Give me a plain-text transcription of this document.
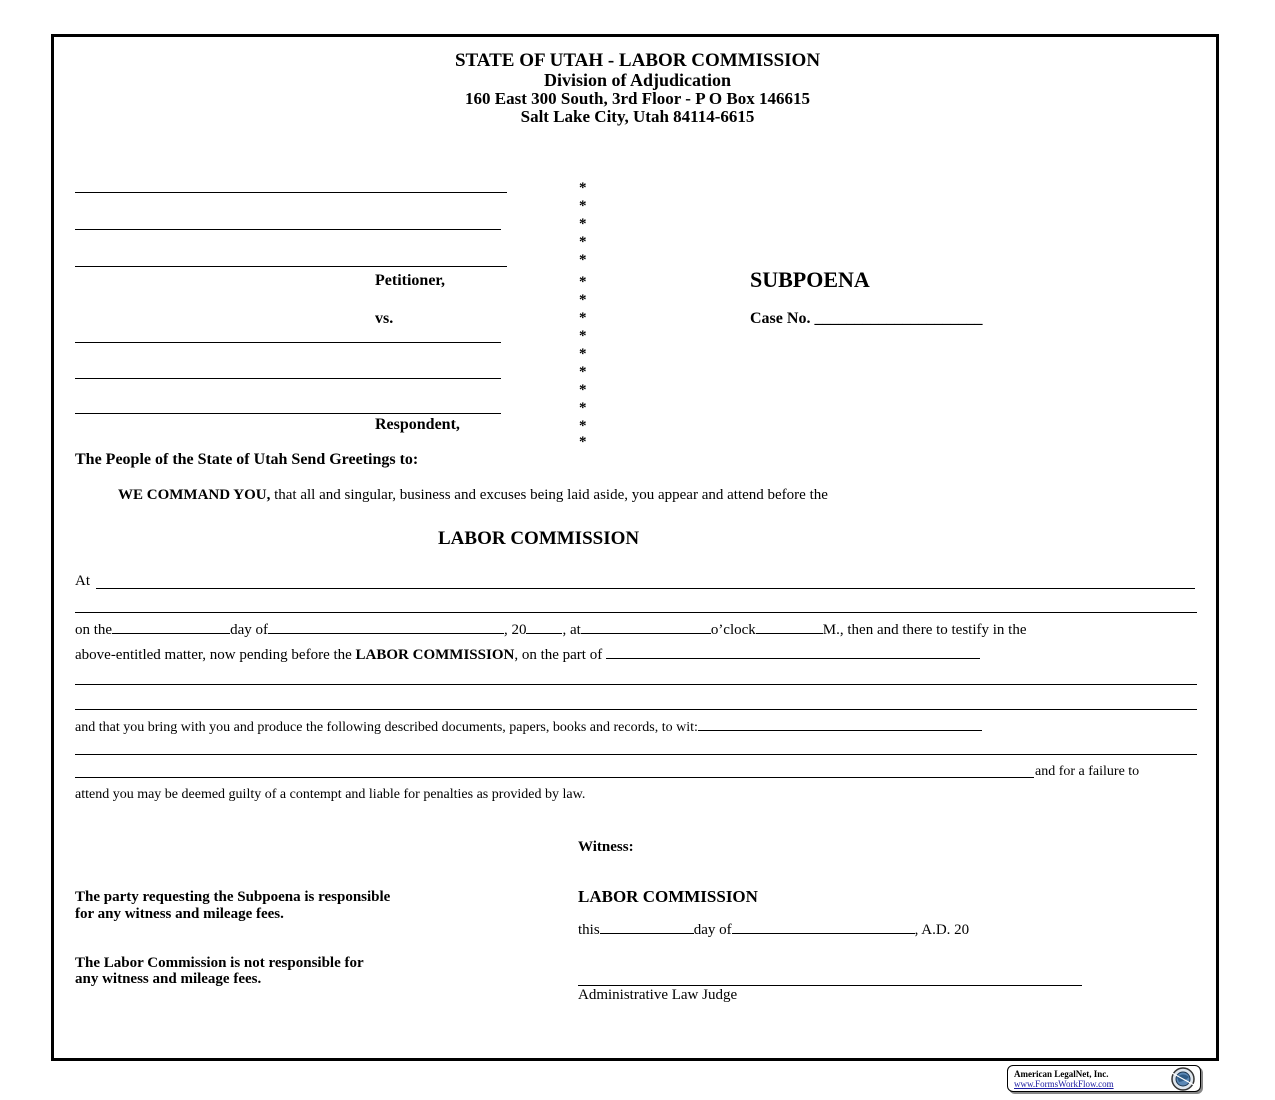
STATE OF UTAH - LABOR COMMISSION
Division of Adjudication
160 East 300 South, 3rd Floor - P O Box 146615
Salt Lake City, Utah 84114-6615
Petitioner,
vs.
Respondent,
*
*
*
*
*
*
*
*
*
*
*
*
*
*
*
SUBPOENA
Case No. _____________________
The People of the State of Utah Send Greetings to:
WE COMMAND YOU, that all and singular, business and excuses being laid aside, you appear and attend before the
LABOR COMMISSION
At
on the	day of	, 20 , at	o’clock	M., then and there to testify in the
above-entitled matter, now pending before the LABOR COMMISSION, on the part of
and that you bring with you and produce the following described documents, papers, books and records, to wit:
and for a failure to
attend you may be deemed guilty of a contempt and liable for penalties as provided by law.
Witness:
LABOR COMMISSION
this	day of	, A.D. 20
Administrative Law Judge
The party requesting the Subpoena is responsible
for any witness and mileage fees.
The Labor Commission is not responsible for
any witness and mileage fees.
American LegalNet, Inc.
www.FormsWorkFlow.com
